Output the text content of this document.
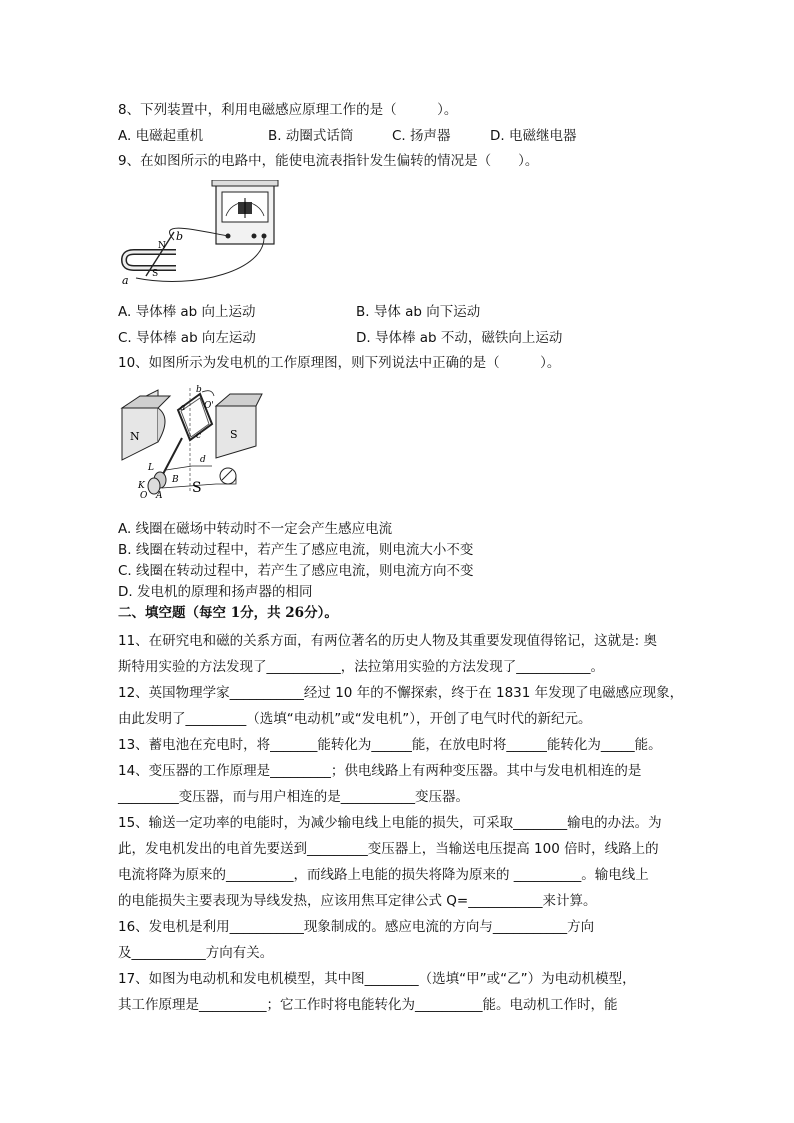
8、下列装置中，利用电磁感应原理工作的是（　　　）。
A. 电磁起重机	B. 动圈式话筒	C. 扬声器	D. 电磁继电器
9、在如图所示的电路中，能使电流表指针发生偏转的情况是（　　）。
N
S
a
b
A. 导体棒 ab 向上运动	B. 导体 ab 向下运动
C. 导体棒 ab 向左运动	D. 导体棒 ab 不动，磁铁向上运动
10、如图所示为发电机的工作原理图，则下列说法中正确的是（　　　）。
N	S
a
b
c
d
O'
L
K
B
O A S
A. 线圈在磁场中转动时不一定会产生感应电流
B. 线圈在转动过程中，若产生了感应电流，则电流大小不变
C. 线圈在转动过程中，若产生了感应电流，则电流方向不变
D. 发电机的原理和扬声器的相同
二、填空题（每空 1分，共 26分）。
11、在研究电和磁的关系方面，有两位著名的历史人物及其重要发现值得铭记，这就是: 奥
斯特用实验的方法发现了___________，法拉第用实验的方法发现了___________。
12、英国物理学家___________经过 10 年的不懈探索，终于在 1831 年发现了电磁感应现象，
由此发明了_________（选填“电动机”或“发电机”），开创了电气时代的新纪元。
13、蓄电池在充电时，将_______能转化为______能，在放电时将______能转化为_____能。
14、变压器的工作原理是_________；供电线路上有两种变压器。其中与发电机相连的是
_________变压器，而与用户相连的是___________变压器。
15、输送一定功率的电能时，为减少输电线上电能的损失，可采取________输电的办法。为
此，发电机发出的电首先要送到_________变压器上，当输送电压提高 100 倍时，线路上的
电流将降为原来的__________，而线路上电能的损失将降为原来的 __________。输电线上
的电能损失主要表现为导线发热，应该用焦耳定律公式 Q=___________来计算。
16、发电机是利用___________现象制成的。感应电流的方向与___________方向
及___________方向有关。
17、如图为电动机和发电机模型，其中图________（选填“甲”或“乙”）为电动机模型，
其工作原理是__________；它工作时将电能转化为__________能。电动机工作时，能
